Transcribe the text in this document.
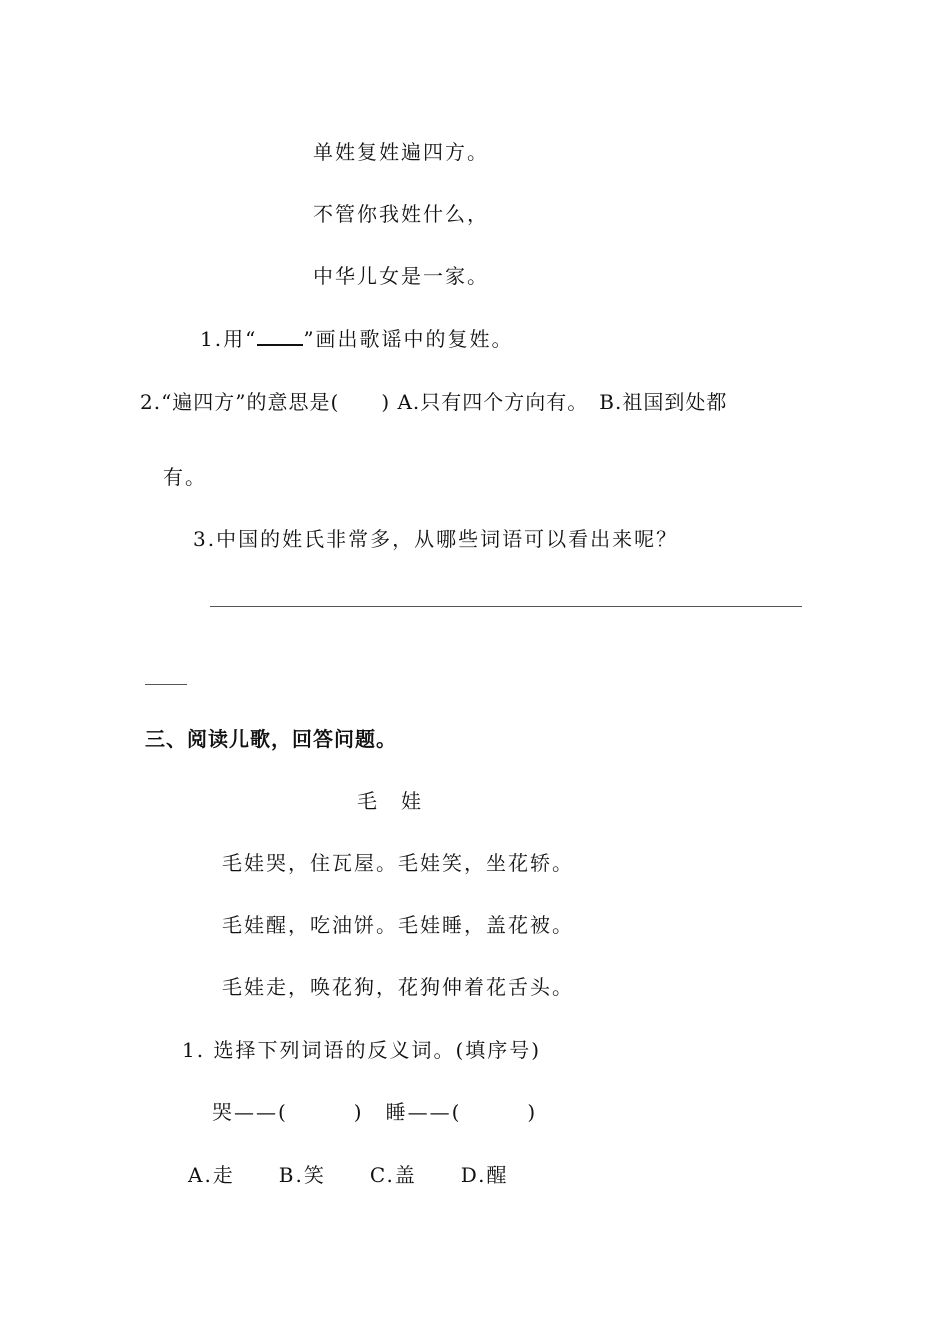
单姓复姓遍四方。
不管你我姓什么，
中华儿女是一家。
1.用“ ”画出歌谣中的复姓。
2.“遍四方”的意思是(　　) A.只有四个方向有。　B.祖国到处都
有。
3.中国的姓氏非常多，从哪些词语可以看出来呢？
三、阅读儿歌，回答问题。
毛　娃
毛娃哭，住瓦屋。毛娃笑，坐花轿。
毛娃醒，吃油饼。毛娃睡，盖花被。
毛娃走，唤花狗，花狗伸着花舌头。
1. 选择下列词语的反义词。(填序号)
哭——(　　　)　睡——(　　　)
A.走　　B.笑　　C.盖　　D.醒
